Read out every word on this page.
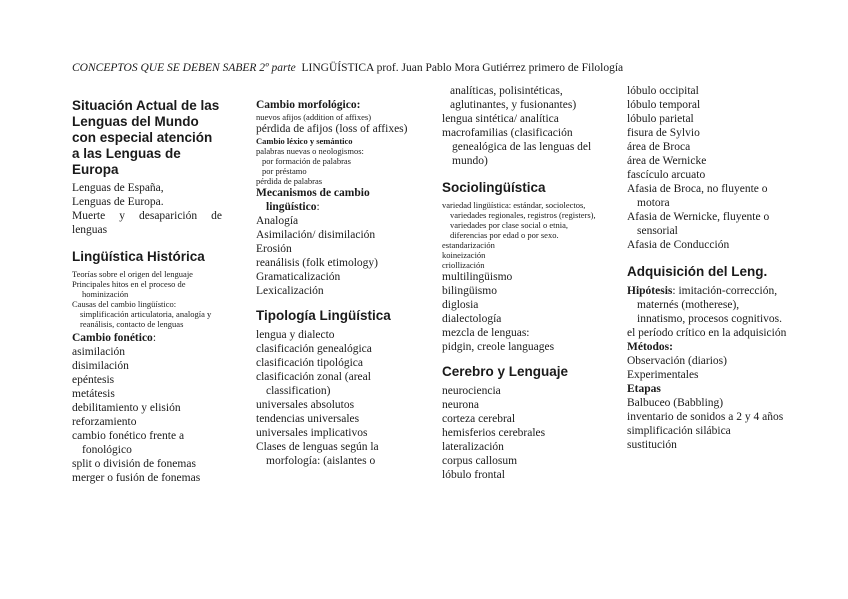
CONCEPTOS QUE SE DEBEN SABER 2º parte LINGÜÍSTICA prof. Juan Pablo Mora Gutiérrez primero de Filología

Situación Actual de las Lenguas del Mundo con especial atención a las Lenguas de Europa

Lenguas de España,

Lenguas de Europa.

Muerte y desaparición de lenguas

Lingüística Histórica

Teorías sobre el origen del lenguaje

Principales hitos en el proceso de hominización

Causas del cambio lingüístico:

simplificación articulatoria, analogía y reanálisis, contacto de lenguas

Cambio fonético:

asimilación

disimilación

epéntesis

metátesis

debilitamiento y elisión

reforzamiento

cambio fonético frente a fonológico

split o división de fonemas

merger o fusión de fonemas

Cambio morfológico:

nuevos afijos (addition of affixes)

pérdida de afijos (loss of affixes)

Cambio léxico y semántico

palabras nuevas o neologismos:

por formación de palabras

por préstamo

pérdida de palabras

Mecanismos de cambio lingüístico:

Analogía

Asimilación/ disimilación

Erosión

reanálisis (folk etimology)

Gramaticalización

Lexicalización

Tipología Lingüística

lengua y dialecto

clasificación genealógica

clasificación tipológica

clasificación zonal (areal classification)

universales absolutos

tendencias universales

universales implicativos

Clases de lenguas según la morfología: (aislantes o

analíticas, polisintéticas, aglutinantes, y fusionantes)

lengua sintética/ analítica

macrofamilias (clasificación genealógica de las lenguas del mundo)

Sociolingüística

variedad lingüística: estándar, sociolectos, variedades regionales, registros (registers), variedades por clase social o etnia, diferencias por edad o por sexo.

estandarización

koineización

criollización

multilingüismo

bilingüismo

diglosia

dialectología

mezcla de lenguas:

pidgin, creole languages

Cerebro y Lenguaje

neurociencia

neurona

corteza cerebral

hemisferios cerebrales

lateralización

corpus callosum

lóbulo frontal

lóbulo occipital

lóbulo temporal

lóbulo parietal

fisura de Sylvio

área de Broca

área de Wernicke

fascículo arcuato

Afasia de Broca, no fluyente o motora

Afasia de Wernicke, fluyente o sensorial

Afasia de Conducción

Adquisición del Leng.

Hipótesis: imitación-corrección, maternés (motherese), innatismo, procesos cognitivos.

el período crítico en la adquisición

Métodos:

Observación (diarios)

Experimentales

Etapas

Balbuceo (Babbling)

inventario de sonidos a 2 y 4 años

simplificación silábica

sustitución
